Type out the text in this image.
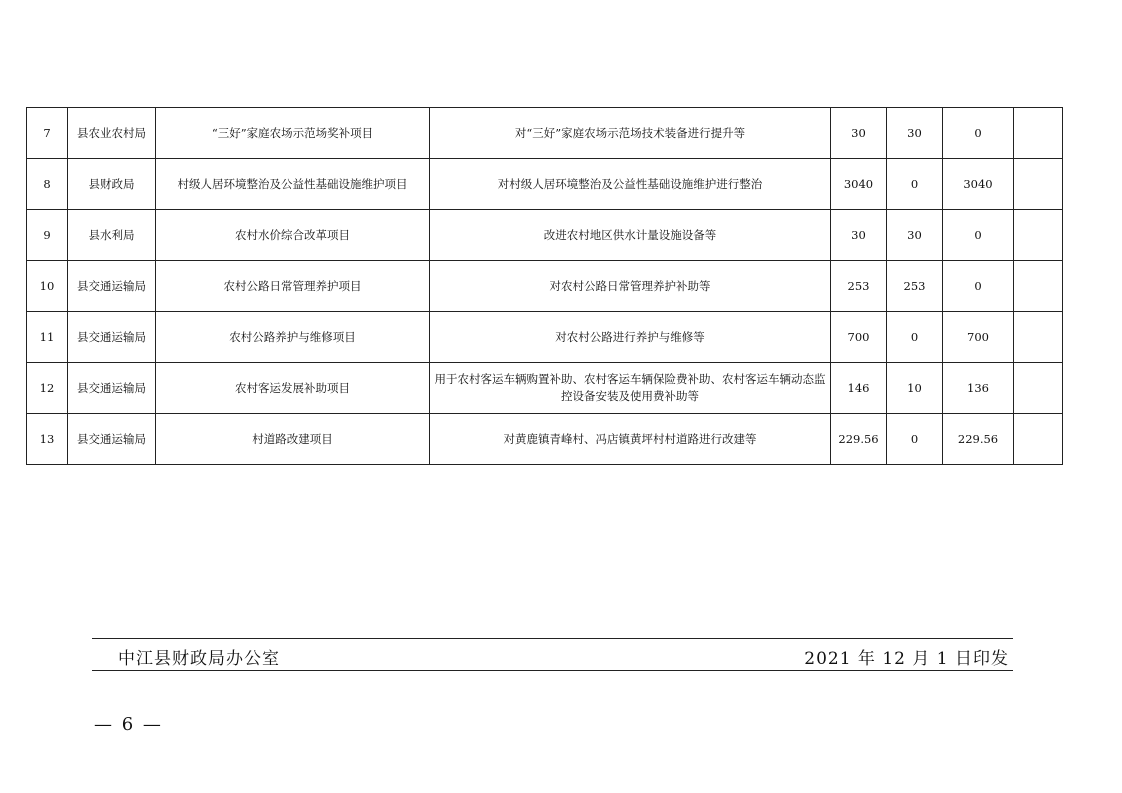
7	县农业农村局	“三好”家庭农场示范场奖补项目	对“三好”家庭农场示范场技术装备进行提升等	30	30	0	
8	县财政局	村级人居环境整治及公益性基础设施维护项目	对村级人居环境整治及公益性基础设施维护进行整治	3040	0	3040	
9	县水利局	农村水价综合改革项目	改进农村地区供水计量设施设备等	30	30	0	
10	县交通运输局	农村公路日常管理养护项目	对农村公路日常管理养护补助等	253	253	0	
11	县交通运输局	农村公路养护与维修项目	对农村公路进行养护与维修等	700	0	700	
12	县交通运输局	农村客运发展补助项目	用于农村客运车辆购置补助、农村客运车辆保险费补助、农村客运车辆动态监控设备安装及使用费补助等	146	10	136	
13	县交通运输局	村道路改建项目	对黄鹿镇青峰村、冯店镇黄坪村村道路进行改建等	229.56	0	229.56	
中江县财政局办公室	2021 年 12 月 1 日印发
— 6 —
